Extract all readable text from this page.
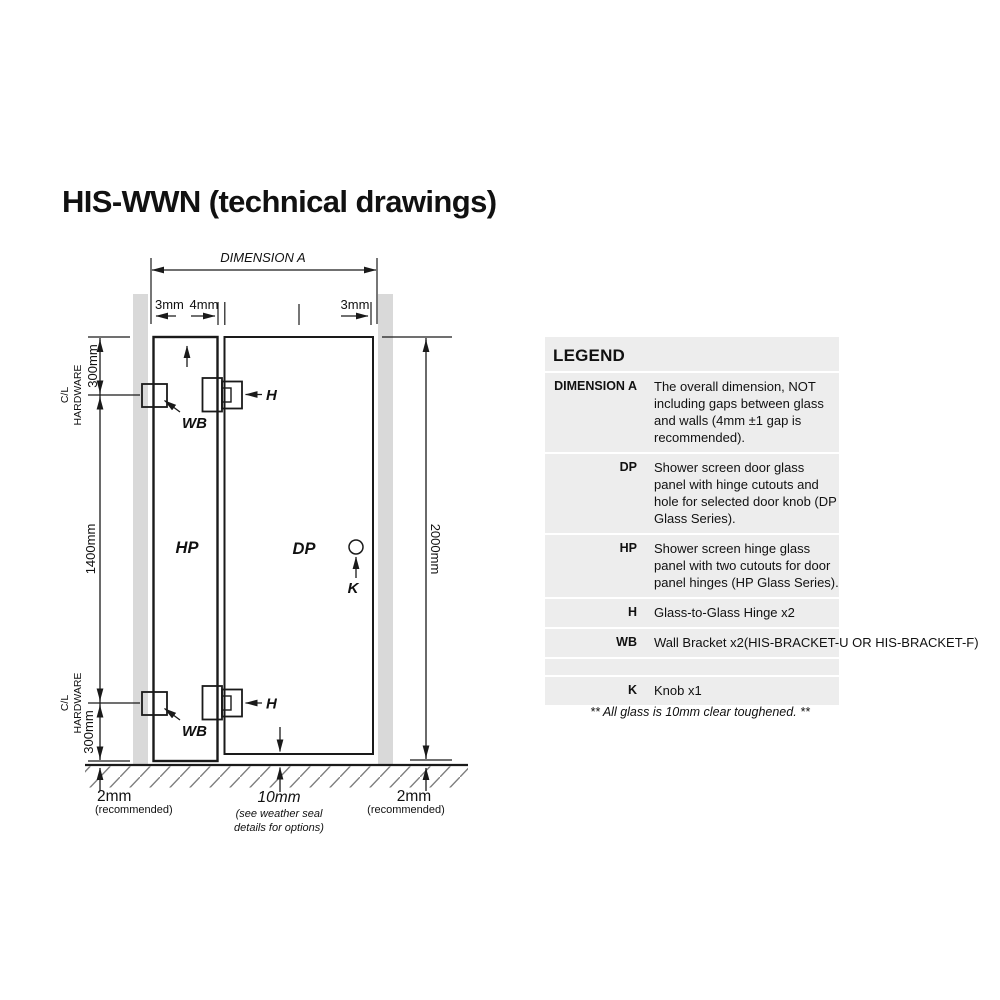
HIS-WWN (technical drawings)
DIMENSION A
3mm 4mm	3mm
300mm
C/L HARDWARE
1400mm
C/L HARDWARE
300mm
2000mm
HP	DP
H
H
WB
WB
K
2mm
(recommended)
10mm
(see weather seal
details for options)
2mm
(recommended)
LEGEND
DIMENSION A The overall dimension, NOT including gaps between glass and walls (4mm ±1 gap is recommended).
DP Shower screen door glass panel with hinge cutouts and hole for selected door knob (DP Glass Series).
HP Shower screen hinge glass panel with two cutouts for door panel hinges (HP Glass Series).
H Glass-to-Glass Hinge x2
WB Wall Bracket x2(HIS-BRACKET-U OR HIS-BRACKET-F)
K Knob x1
** All glass is 10mm clear toughened. **
